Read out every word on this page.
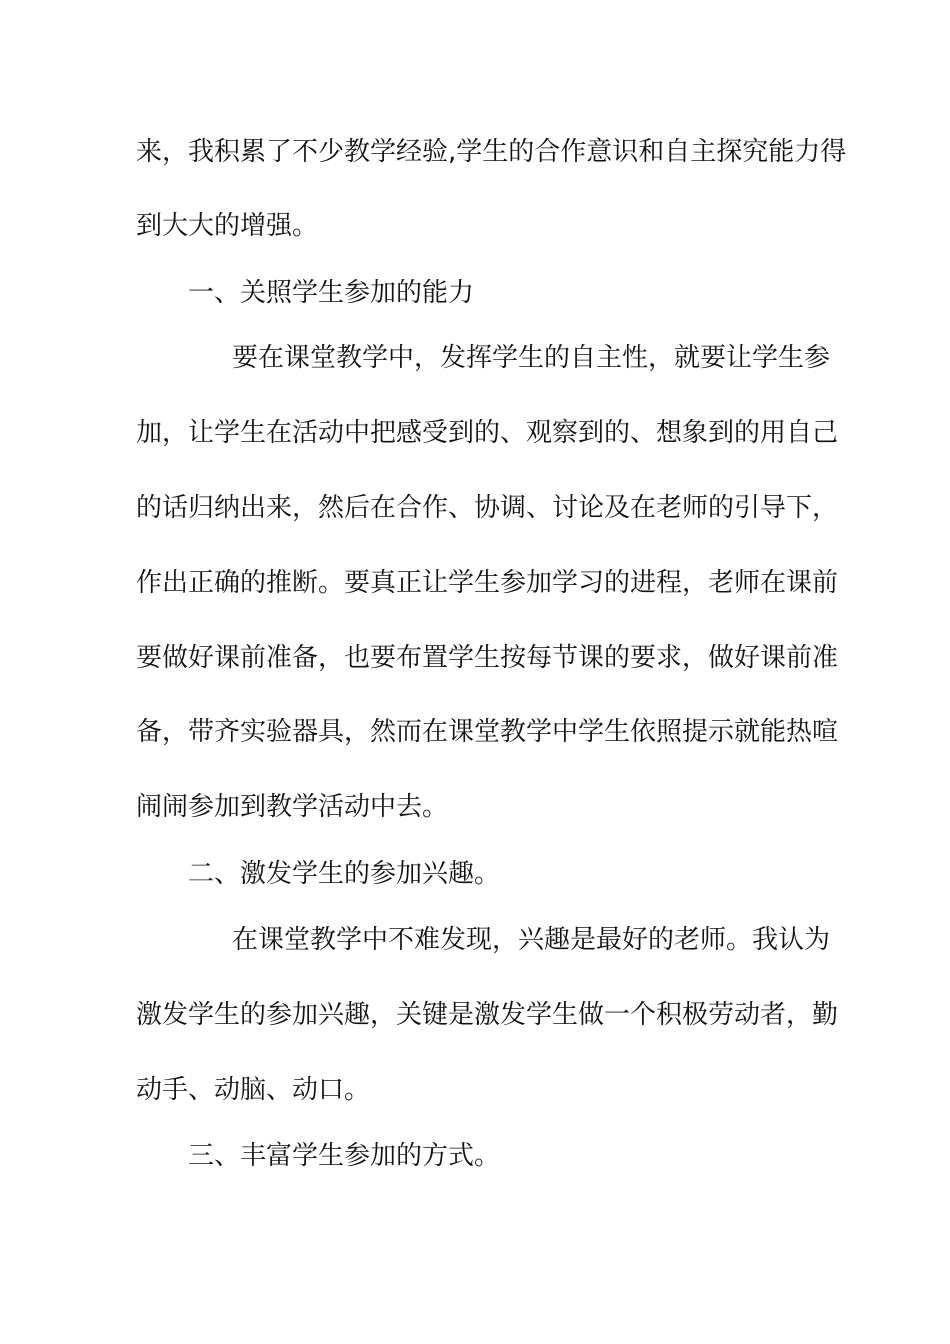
来，我积累了不少教学经验,学生的合作意识和自主探究能力得
到大大的增强。
一、关照学生参加的能力
要在课堂教学中，发挥学生的自主性，就要让学生参
加，让学生在活动中把感受到的、观察到的、想象到的用自己
的话归纳出来，然后在合作、协调、讨论及在老师的引导下，
作出正确的推断。要真正让学生参加学习的进程，老师在课前
要做好课前准备，也要布置学生按每节课的要求，做好课前准
备，带齐实验器具，然而在课堂教学中学生依照提示就能热喧
闹闹参加到教学活动中去。
二、激发学生的参加兴趣。
在课堂教学中不难发现，兴趣是最好的老师。我认为
激发学生的参加兴趣，关键是激发学生做一个积极劳动者，勤
动手、动脑、动口。
三、丰富学生参加的方式。
